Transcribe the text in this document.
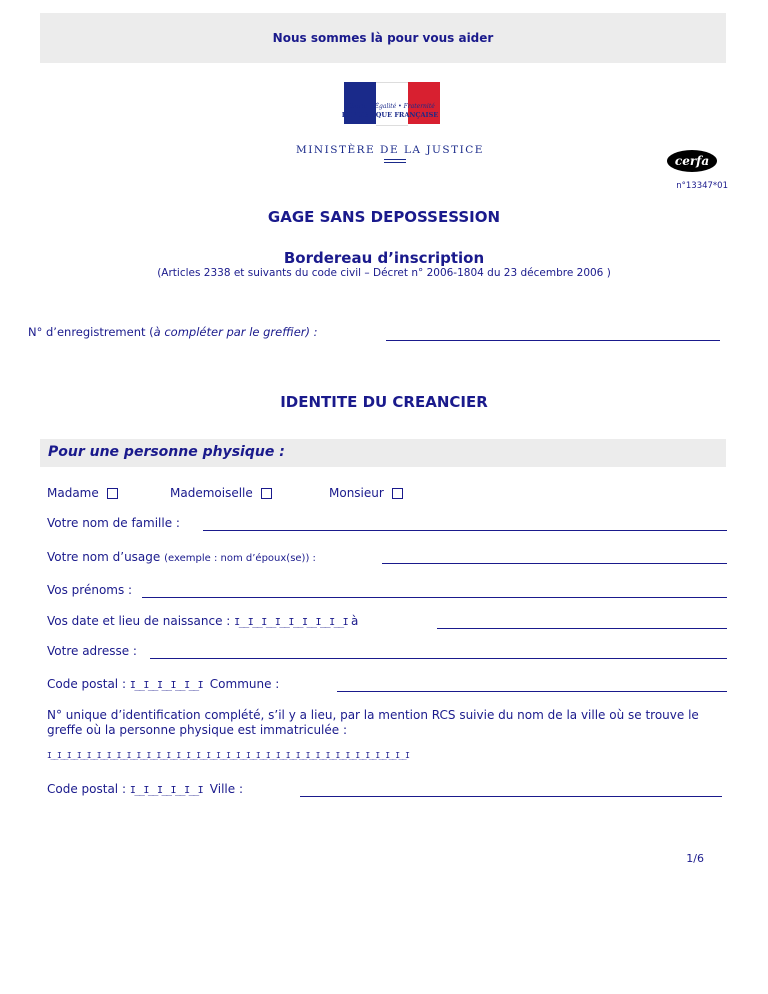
Nous sommes là pour vous aider
Liberté • Égalité • Fraternité
RÉPUBLIQUE FRANÇAISE
MINISTÈRE DE LA JUSTICE
cerfa
n°13347*01
GAGE SANS DEPOSSESSION
Bordereau d’inscription
(Articles 2338 et suivants du code civil – Décret n° 2006-1804 du 23 décembre 2006 )
N° d’enregistrement (à compléter par le greffier) :
IDENTITE DU CREANCIER
Pour une personne physique :
Madame	Mademoiselle	Monsieur
Votre nom de famille :
Votre nom d’usage (exemple : nom d’époux(se)) :
Vos prénoms :
Vos date et lieu de naissance : I__I__I__I__I__I__I__I__I à
Votre adresse :
Code postal : I__I__I__I__I__I Commune :
N° unique d’identification complété, s’il y a lieu, par la mention RCS suivie du nom de la ville où se trouve le greffe où la personne physique est immatriculée :
I__I__I__I__I__I__I__I__I__I__I__I__I__I__I__I__I__I__I__I__I__I__I__I__I__I__I__I__I__I__I__I__I__I__I__I__I
Code postal : I__I__I__I__I__I Ville :
1/6
